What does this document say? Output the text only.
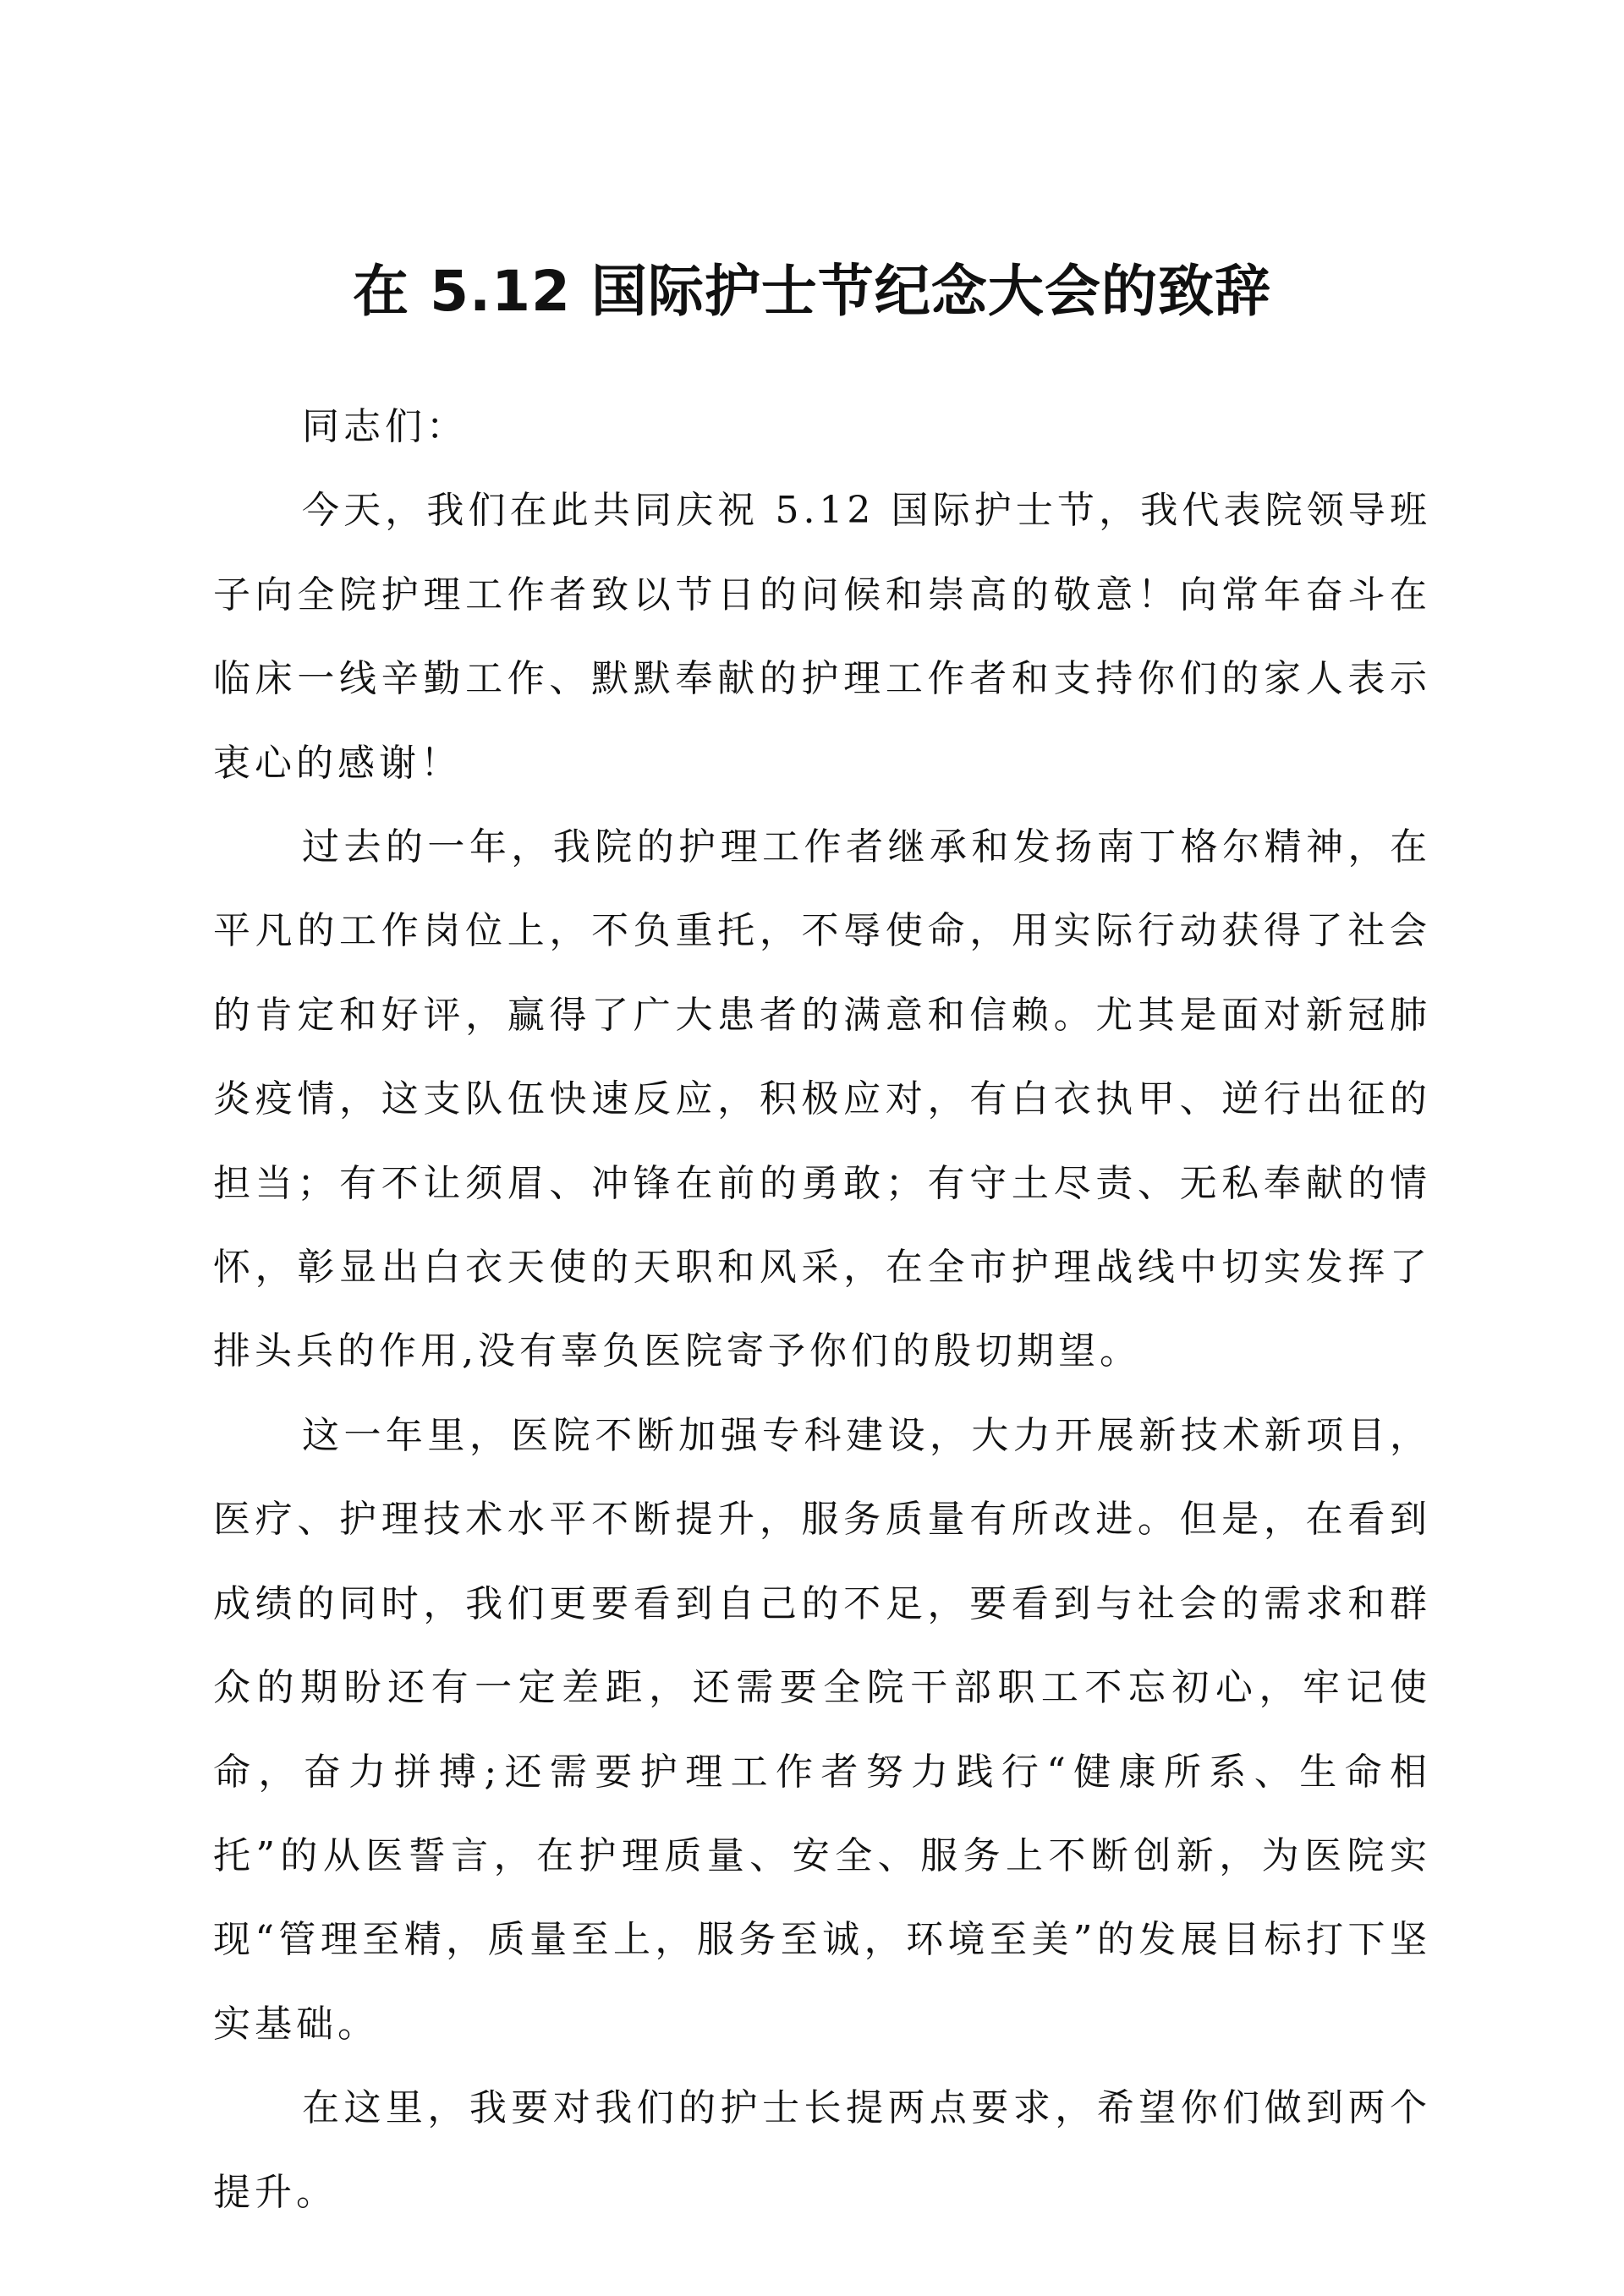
在 5.12 国际护士节纪念大会的致辞

同志们：

今天，我们在此共同庆祝 5.12 国际护士节，我代表院领导班子向全院护理工作者致以节日的问候和崇高的敬意！向常年奋斗在临床一线辛勤工作、默默奉献的护理工作者和支持你们的家人表示衷心的感谢！

过去的一年，我院的护理工作者继承和发扬南丁格尔精神，在平凡的工作岗位上，不负重托，不辱使命，用实际行动获得了社会的肯定和好评，赢得了广大患者的满意和信赖。尤其是面对新冠肺炎疫情，这支队伍快速反应，积极应对，有白衣执甲、逆行出征的担当；有不让须眉、冲锋在前的勇敢；有守土尽责、无私奉献的情怀，彰显出白衣天使的天职和风采，在全市护理战线中切实发挥了排头兵的作用,没有辜负医院寄予你们的殷切期望。

这一年里，医院不断加强专科建设，大力开展新技术新项目，医疗、护理技术水平不断提升，服务质量有所改进。但是，在看到成绩的同时，我们更要看到自己的不足，要看到与社会的需求和群众的期盼还有一定差距，还需要全院干部职工不忘初心，牢记使命，奋力拼搏;还需要护理工作者努力践行“健康所系、生命相托”的从医誓言，在护理质量、安全、服务上不断创新，为医院实现“管理至精，质量至上，服务至诚，环境至美”的发展目标打下坚实基础。

在这里，我要对我们的护士长提两点要求，希望你们做到两个提升。
